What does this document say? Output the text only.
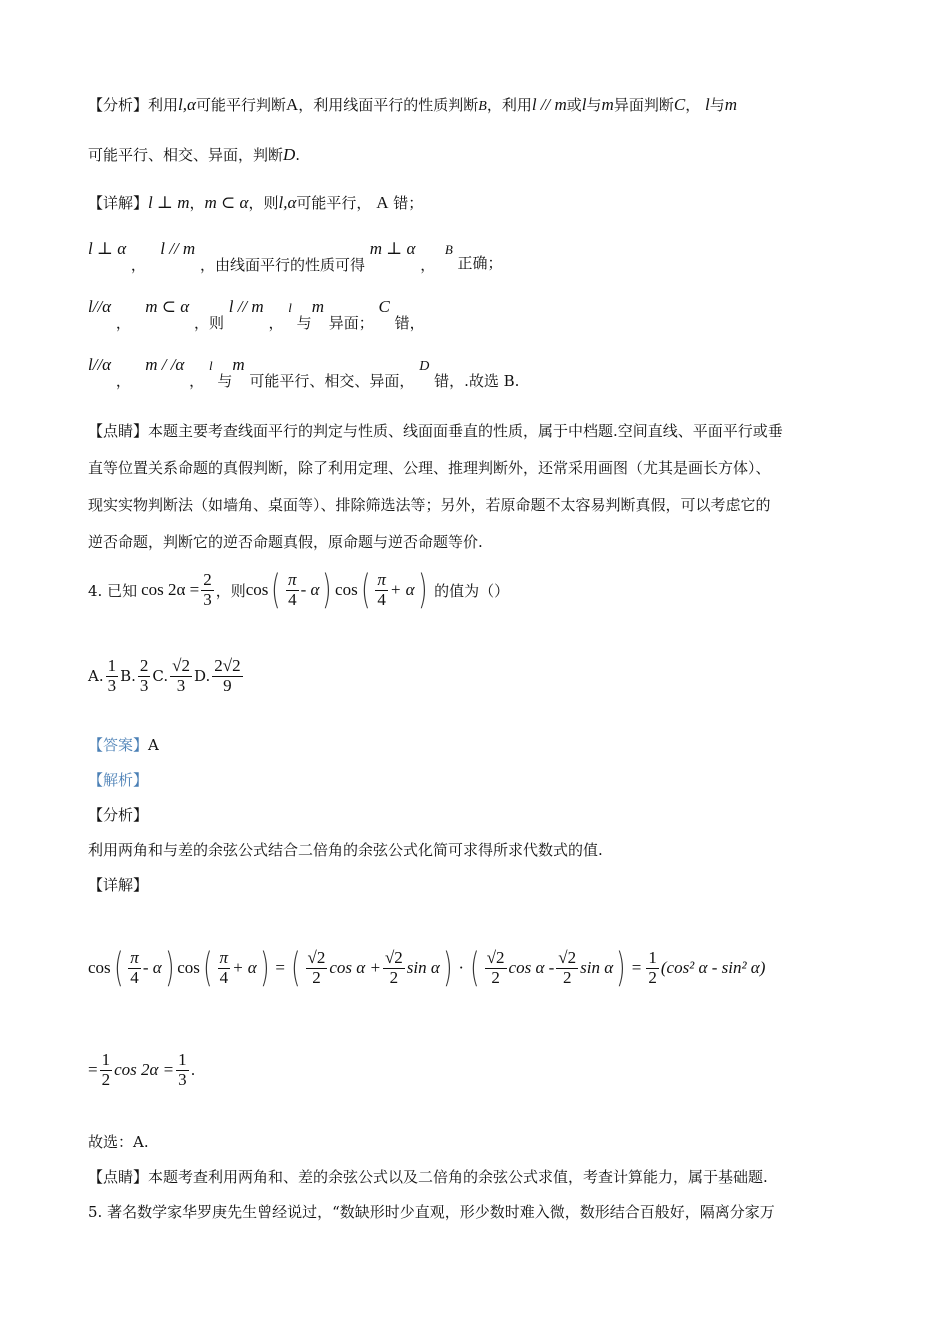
【分析】利用l,α可能平行判断A，利用线面平行的性质判断B，利用l // m或l与m异面判断C， l与m
可能平行、相交、异面，判断D.
【详解】l ⊥ m，m ⊂ α，则l,α可能平行， A 错；
l ⊥ α ，   l // m ，由线面平行的性质可得 m ⊥ α ，  B 正确；
l//α ，   m ⊂ α ，则 l // m ， l 与m 异面； C 错，
l//α ，   m / /α ， l 与m 可能平行、相交、异面， D 错，.故选 B.
【点睛】本题主要考查线面平行的判定与性质、线面面垂直的性质，属于中档题.空间直线、平面平行或垂
直等位置关系命题的真假判断，除了利用定理、公理、推理判断外，还常采用画图（尤其是画长方体）、
现实实物判断法（如墙角、桌面等）、排除筛选法等；另外，若原命题不太容易判断真假，可以考虑它的
逆否命题，判断它的逆否命题真假，原命题与逆否命题等价.
4. 已知 $\cos 2\alpha = \frac{2}{3}$ ，则 cos ( $\frac{\pi}{4}$ - α ) cos ( $\frac{\pi}{4} + \alpha$ ) 的值为（）
A. $\frac{1}{3} B$. $\frac{2}{3} C$. $\frac{√2}{3} D$. $\frac{2√2}{9}$
【答案】A
【解析】
【分析】
利用两角和与差的余弦公式结合二倍角的余弦公式化简可求得所求代数式的值.
【详解】
cos ( $\frac{\pi}{4}$ - α ) cos ( $\frac{\pi}{4} + \alpha$ ) = ( $\frac{√2}{2}$ $\cos \alpha + \frac{√2}{2}$ sin α ) · ( $\frac{√2}{2}$ cos α - $\frac{√2}{2}$ sin α ) = $\frac{1}{2} (\cos^2$ α - sin² α)
= $\frac{1}{2}$ $\cos 2\alpha = \frac{1}{3}$ .
故选：A.
【点睛】本题考查利用两角和、差的余弦公式以及二倍角的余弦公式求值，考查计算能力，属于基础题.
5. 著名数学家华罗庚先生曾经说过，“数缺形时少直观，形少数时难入微，数形结合百般好，隔离分家万
